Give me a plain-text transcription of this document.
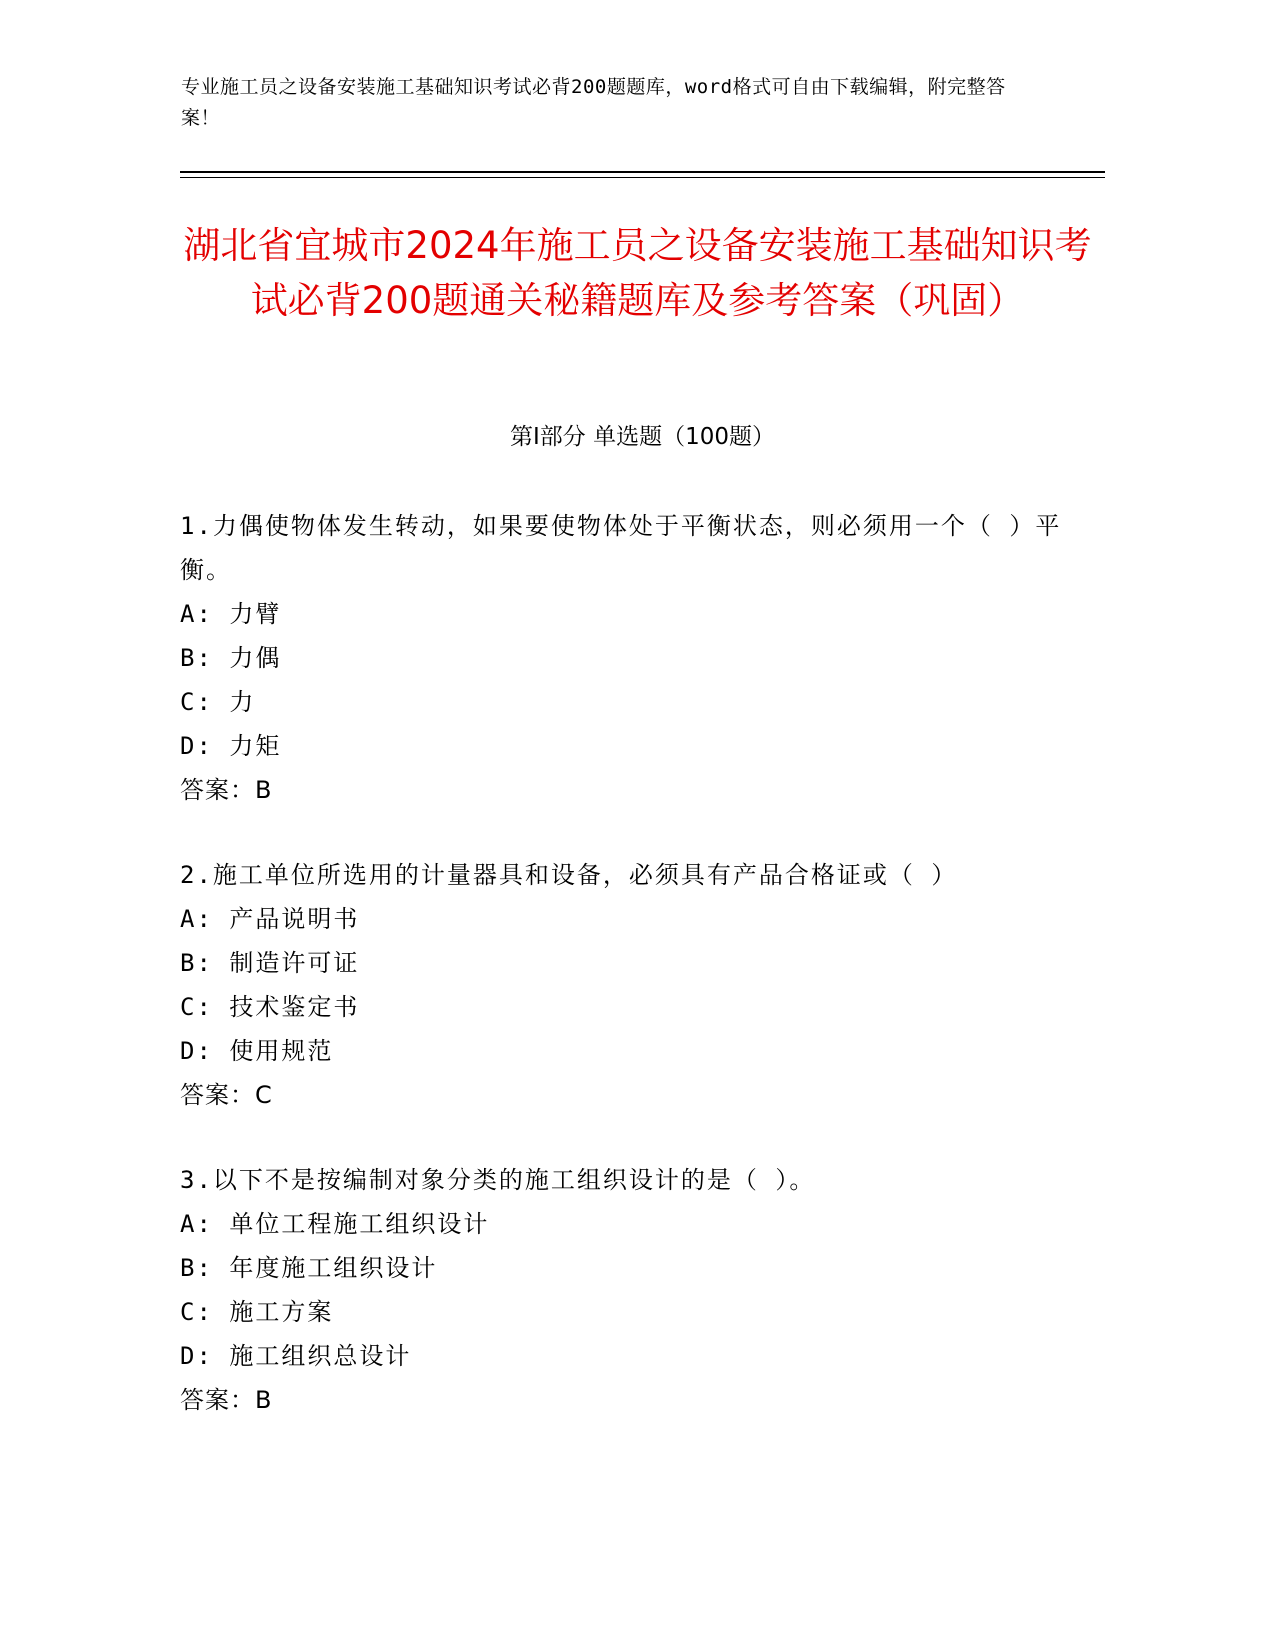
专业施工员之设备安装施工基础知识考试必背200题题库，word格式可自由下载编辑，附完整答案！
湖北省宜城市2024年施工员之设备安装施工基础知识考试必背200题通关秘籍题库及参考答案（巩固）
第Ⅰ部分 单选题（100题）
1.力偶使物体发生转动，如果要使物体处于平衡状态，则必须用一个（ ）平衡。
A: 力臂
B: 力偶
C: 力
D: 力矩
答案：B
2.施工单位所选用的计量器具和设备，必须具有产品合格证或（ ）
A: 产品说明书
B: 制造许可证
C: 技术鉴定书
D: 使用规范
答案：C
3.以下不是按编制对象分类的施工组织设计的是（ ）。
A: 单位工程施工组织设计
B: 年度施工组织设计
C: 施工方案
D: 施工组织总设计
答案：B
